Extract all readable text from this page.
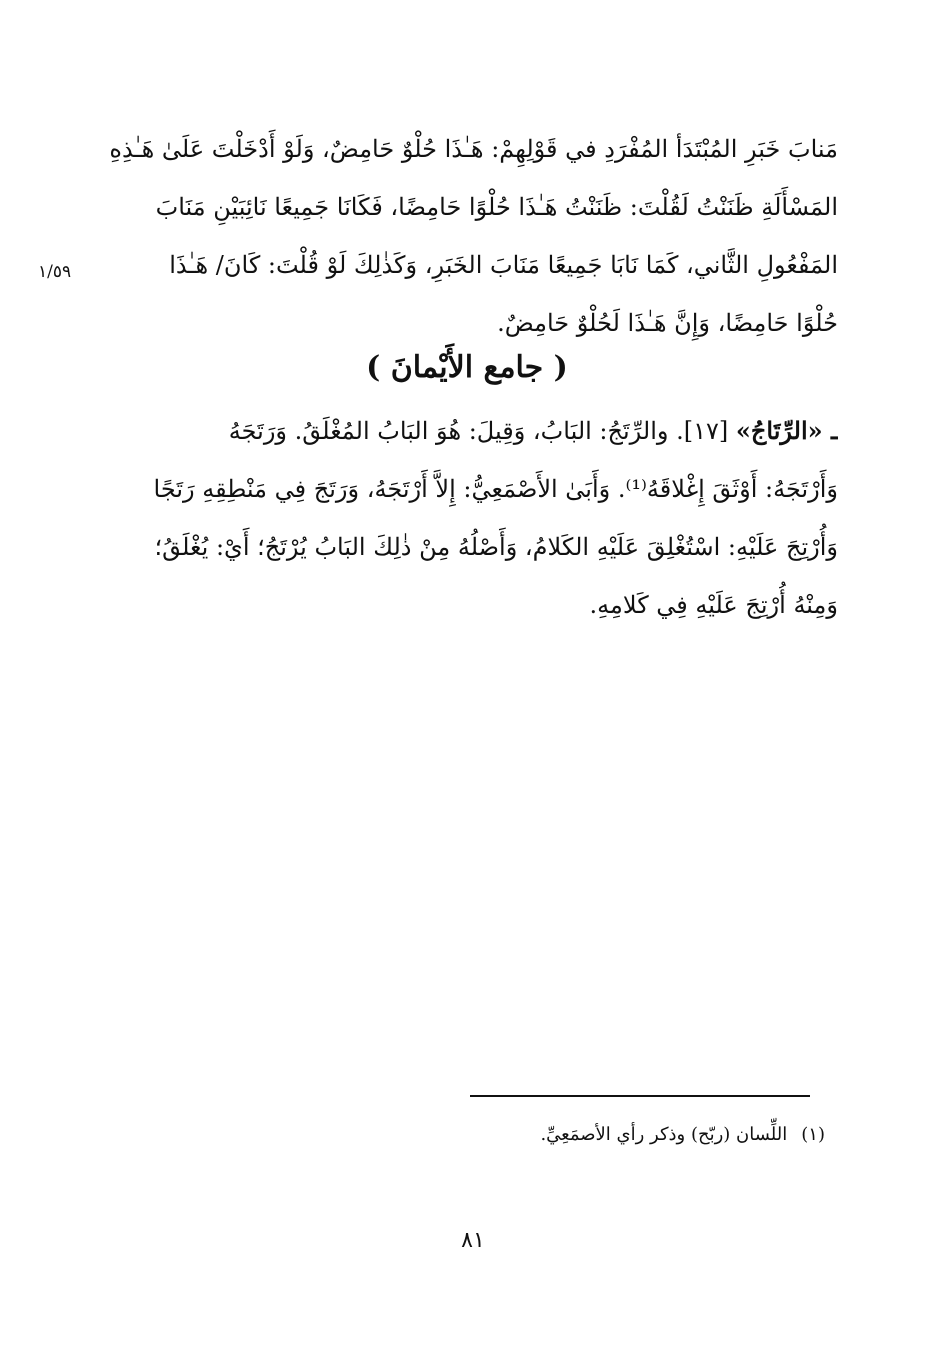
مَنابَ خَبَرِ المُبْتَدَأ المُفْرَدِ في قَوْلِهِمْ: هَـٰذَا حُلْوٌ حَامِضٌ، وَلَوْ أَدْخَلْتَ عَلَىٰ هَـٰذِهِ
المَسْأَلَةِ ظَنَنْتُ لَقُلْتَ: ظَنَنْتُ هَـٰذَا حُلْوًا حَامِضًا، فَكَانَا جَمِيعًا نَائِبَيْنِ مَنَابَ
المَفْعُولِ الثَّاني، كَمَا نَابَا جَمِيعًا مَنَابَ الخَبَرِ، وَكَذٰلِكَ لَوْ قُلْتَ: كَانَ/ هَـٰذَا
حُلْوًا حَامِضًا، وَإِنَّ هَـٰذَا لَحُلْوٌ حَامِضٌ.
١/٥٩
( جامع الأَيْمانَ )
ـ «الرِّتَاجُ» [١٧]. والرِّتَجُ: البَابُ، وَقِيلَ: هُوَ البَابُ المُغْلَقُ. وَرَتَجَهُ
وَأَرْتَجَهُ: أَوْثَقَ إِغْلاقَهُ⁽¹⁾. وَأَبَىٰ الأَصْمَعِيُّ: إِلاَّ أَرْتَجَهُ، وَرَتَجَ فِي مَنْطِقِهِ رَتَجًا
وَأُرْتِجَ عَلَيْهِ: اسْتُغْلِقَ عَلَيْهِ الكَلامُ، وَأَصْلُهُ مِنْ ذٰلِكَ البَابُ يُرْتَجُ؛ أَيْ: يُغْلَقُ؛
وَمِنْهُ أُرْتِجَ عَلَيْهِ فِي كَلامِهِ.
(١)اللِّسان (ربّح) وذكر رأي الأصمَعِيِّ.
٨١
